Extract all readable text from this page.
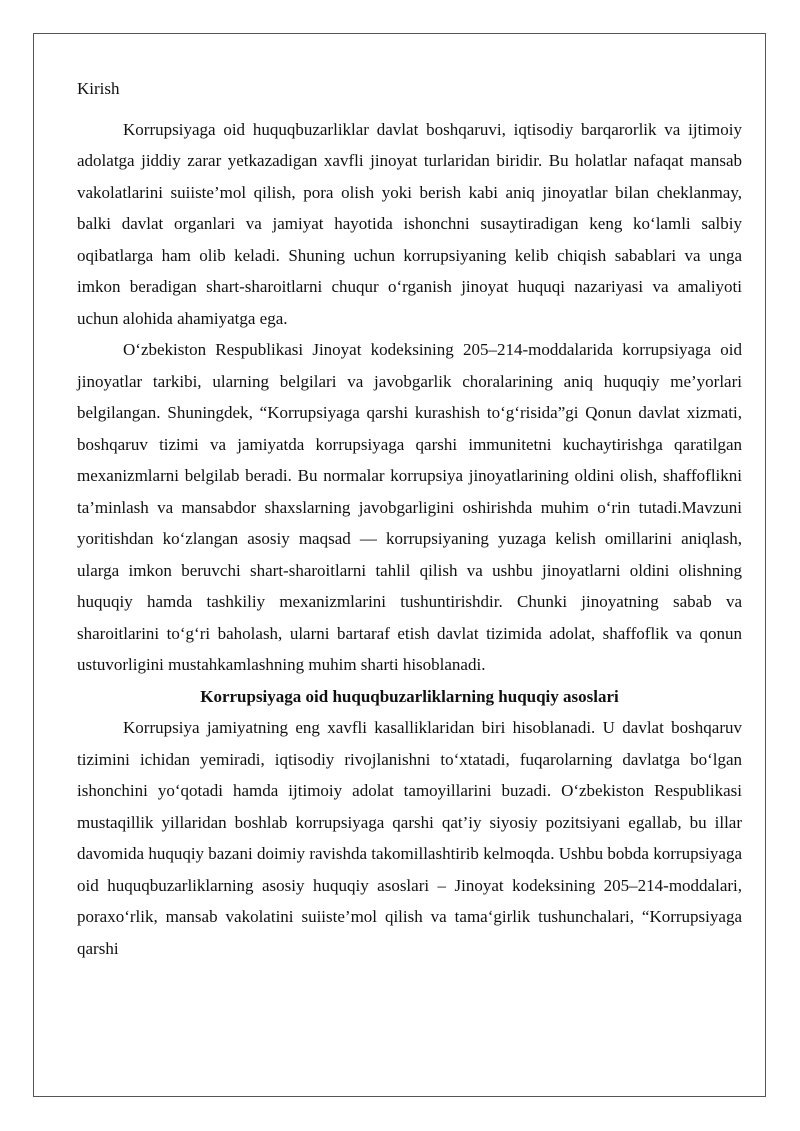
Kirish

Korrupsiyaga oid huquqbuzarliklar davlat boshqaruvi, iqtisodiy barqarorlik va ijtimoiy adolatga jiddiy zarar yetkazadigan xavfli jinoyat turlaridan biridir. Bu holatlar nafaqat mansab vakolatlarini suiiste’mol qilish, pora olish yoki berish kabi aniq jinoyatlar bilan cheklanmay, balki davlat organlari va jamiyat hayotida ishonchni susaytiradigan keng ko‘lamli salbiy oqibatlarga ham olib keladi. Shuning uchun korrupsiyaning kelib chiqish sabablari va unga imkon beradigan shart-sharoitlarni chuqur o‘rganish jinoyat huquqi nazariyasi va amaliyoti uchun alohida ahamiyatga ega.

O‘zbekiston Respublikasi Jinoyat kodeksining 205–214-moddalarida korrupsiyaga oid jinoyatlar tarkibi, ularning belgilari va javobgarlik choralarining aniq huquqiy me’yorlari belgilangan. Shuningdek, “Korrupsiyaga qarshi kurashish to‘g‘risida”gi Qonun davlat xizmati, boshqaruv tizimi va jamiyatda korrupsiyaga qarshi immunitetni kuchaytirishga qaratilgan mexanizmlarni belgilab beradi. Bu normalar korrupsiya jinoyatlarining oldini olish, shaffoflikni ta’minlash va mansabdor shaxslarning javobgarligini oshirishda muhim o‘rin tutadi.Mavzuni yoritishdan ko‘zlangan asosiy maqsad — korrupsiyaning yuzaga kelish omillarini aniqlash, ularga imkon beruvchi shart-sharoitlarni tahlil qilish va ushbu jinoyatlarni oldini olishning huquqiy hamda tashkiliy mexanizmlarini tushuntirishdir. Chunki jinoyatning sabab va sharoitlarini to‘g‘ri baholash, ularni bartaraf etish davlat tizimida adolat, shaffoflik va qonun ustuvorligini mustahkamlashning muhim sharti hisoblanadi.

Korrupsiyaga oid huquqbuzarliklarning huquqiy asoslari

Korrupsiya jamiyatning eng xavfli kasalliklaridan biri hisoblanadi. U davlat boshqaruv tizimini ichidan yemiradi, iqtisodiy rivojlanishni to‘xtatadi, fuqarolarning davlatga bo‘lgan ishonchini yo‘qotadi hamda ijtimoiy adolat tamoyillarini buzadi. O‘zbekiston Respublikasi mustaqillik yillaridan boshlab korrupsiyaga qarshi qat’iy siyosiy pozitsiyani egallab, bu illar davomida huquqiy bazani doimiy ravishda takomillashtirib kelmoqda. Ushbu bobda korrupsiyaga oid huquqbuzarliklarning asosiy huquqiy asoslari – Jinoyat kodeksining 205–214-moddalari, poraxo‘rlik, mansab vakolatini suiiste’mol qilish va tama‘girlik tushunchalari, “Korrupsiyaga qarshi
